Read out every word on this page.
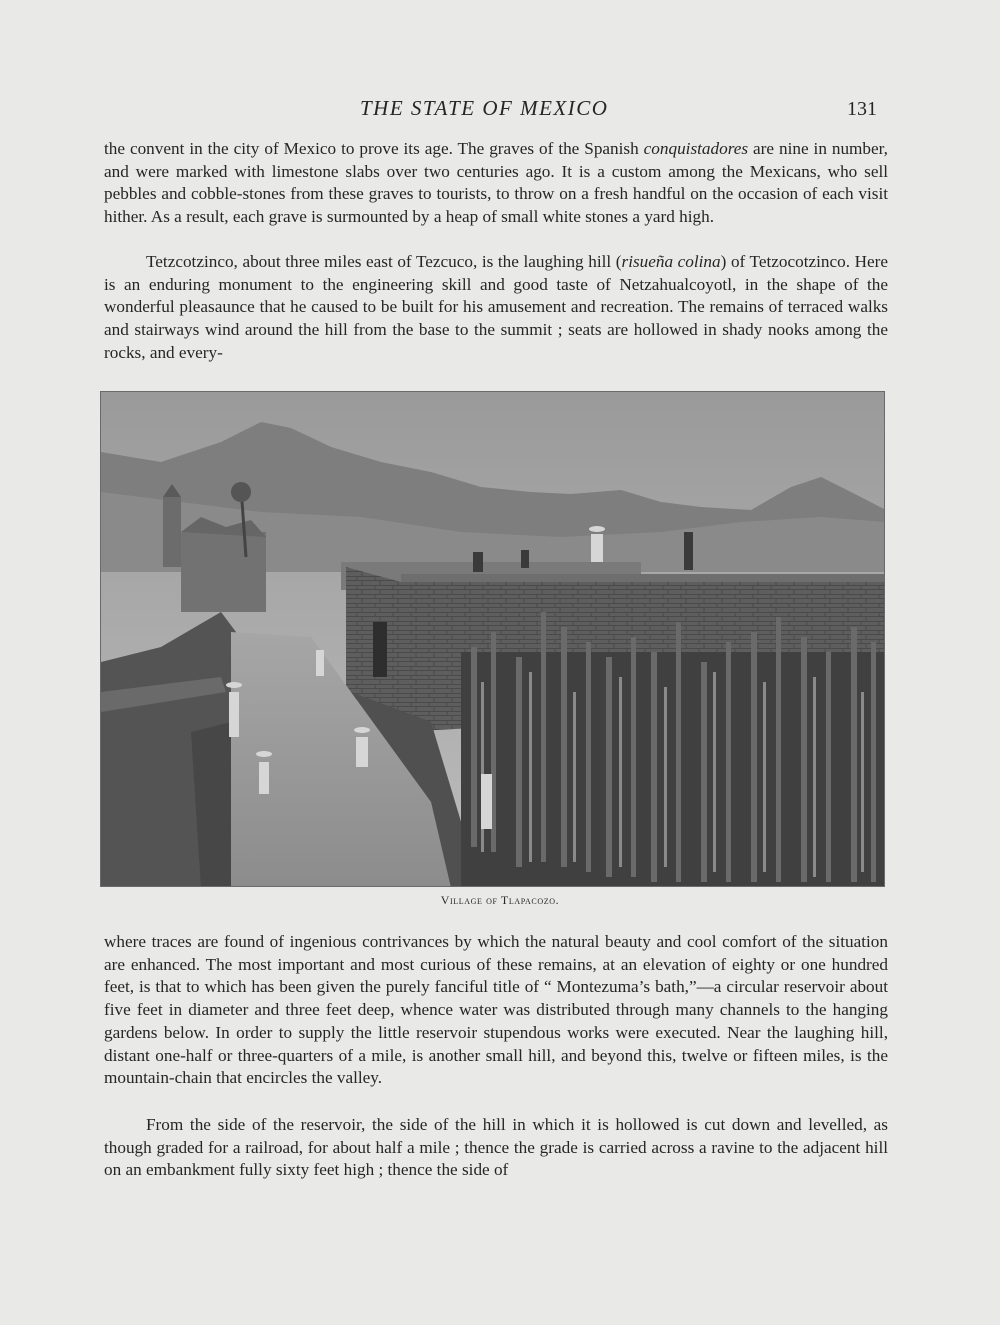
THE STATE OF MEXICO	131

the convent in the city of Mexico to prove its age. The graves of the Spanish conquistadores are nine in number, and were marked with limestone slabs over two centuries ago. It is a custom among the Mexicans, who sell pebbles and cobble-stones from these graves to tourists, to throw on a fresh handful on the occasion of each visit hither. As a result, each grave is surmounted by a heap of small white stones a yard high.

Tetzcotzinco, about three miles east of Tezcuco, is the laughing hill (risueña colina) of Tetzocotzinco. Here is an enduring monument to the engineering skill and good taste of Netzahualcoyotl, in the shape of the wonderful pleasaunce that he caused to be built for his amusement and recreation. The remains of terraced walks and stairways wind around the hill from the base to the summit ; seats are hollowed in shady nooks among the rocks, and every-

Village of Tlapacozo.

where traces are found of ingenious contrivances by which the natural beauty and cool comfort of the situation are enhanced. The most important and most curious of these remains, at an elevation of eighty or one hundred feet, is that to which has been given the purely fanciful title of “ Montezuma’s bath,”—a circular reservoir about five feet in diameter and three feet deep, whence water was distributed through many channels to the hanging gardens below. In order to supply the little reservoir stupendous works were executed. Near the laughing hill, distant one-half or three-quarters of a mile, is another small hill, and beyond this, twelve or fifteen miles, is the mountain-chain that encircles the valley.

From the side of the reservoir, the side of the hill in which it is hollowed is cut down and levelled, as though graded for a railroad, for about half a mile ; thence the grade is carried across a ravine to the adjacent hill on an embankment fully sixty feet high ; thence the side of
